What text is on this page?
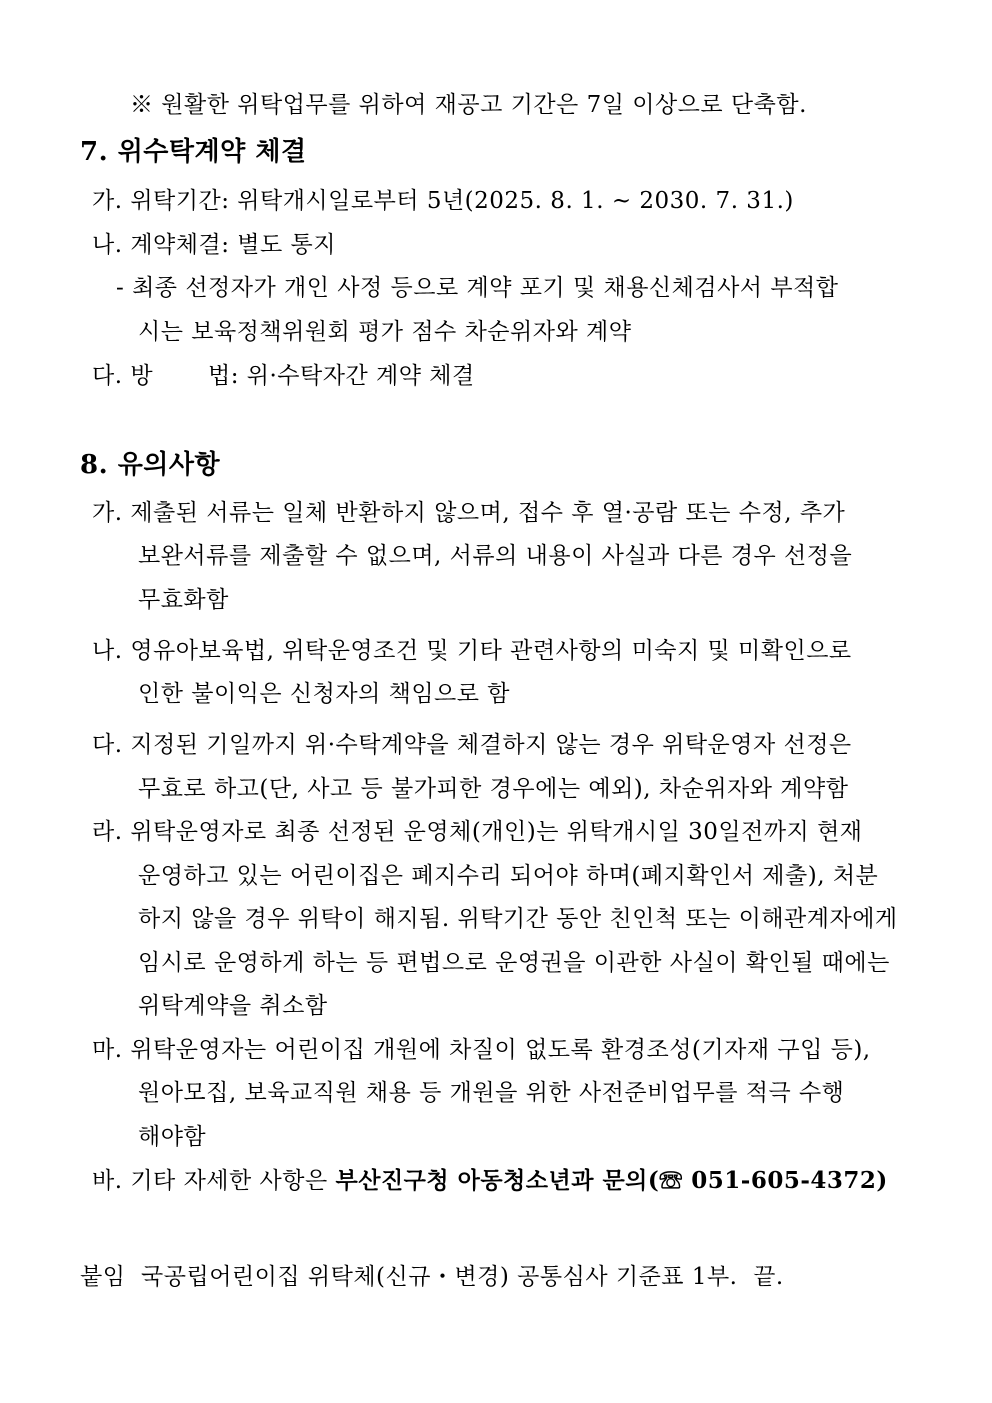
※ 원활한 위탁업무를 위하여 재공고 기간은 7일 이상으로 단축함.
7. 위수탁계약 체결
가. 위탁기간: 위탁개시일로부터 5년(2025. 8. 1. ~ 2030. 7. 31.)
나. 계약체결: 별도 통지
- 최종 선정자가 개인 사정 등으로 계약 포기 및 채용신체검사서 부적합
시는 보육정책위원회 평가 점수 차순위자와 계약
다. 방 법: 위·수탁자간 계약 체결
8. 유의사항
가. 제출된 서류는 일체 반환하지 않으며, 접수 후 열·공람 또는 수정, 추가
보완서류를 제출할 수 없으며, 서류의 내용이 사실과 다른 경우 선정을
무효화함
나. 영유아보육법, 위탁운영조건 및 기타 관련사항의 미숙지 및 미확인으로
인한 불이익은 신청자의 책임으로 함
다. 지정된 기일까지 위·수탁계약을 체결하지 않는 경우 위탁운영자 선정은
무효로 하고(단, 사고 등 불가피한 경우에는 예외), 차순위자와 계약함
라. 위탁운영자로 최종 선정된 운영체(개인)는 위탁개시일 30일전까지 현재
운영하고 있는 어린이집은 폐지수리 되어야 하며(폐지확인서 제출), 처분
하지 않을 경우 위탁이 해지됨. 위탁기간 동안 친인척 또는 이해관계자에게
임시로 운영하게 하는 등 편법으로 운영권을 이관한 사실이 확인될 때에는
위탁계약을 취소함
마. 위탁운영자는 어린이집 개원에 차질이 없도록 환경조성(기자재 구입 등),
원아모집, 보육교직원 채용 등 개원을 위한 사전준비업무를 적극 수행
해야함
바. 기타 자세한 사항은 부산진구청 아동청소년과 문의(☏ 051-605-4372)
붙임  국공립어린이집 위탁체(신규・변경) 공통심사 기준표 1부.  끝.
